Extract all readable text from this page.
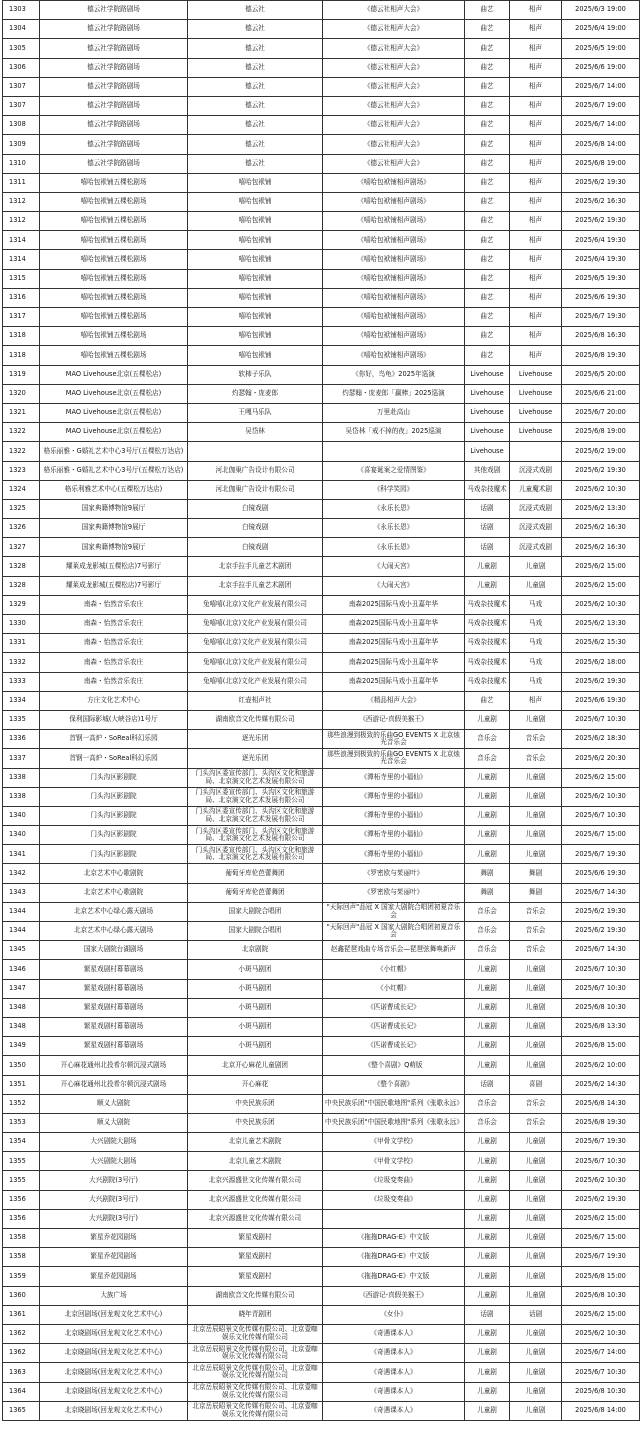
1303	德云社学院路剧场	德云社	《德云社相声大会》	曲艺	相声	2025/6/3 19:00
1304	德云社学院路剧场	德云社	《德云社相声大会》	曲艺	相声	2025/6/4 19:00
1305	德云社学院路剧场	德云社	《德云社相声大会》	曲艺	相声	2025/6/5 19:00
1306	德云社学院路剧场	德云社	《德云社相声大会》	曲艺	相声	2025/6/6 19:00
1307	德云社学院路剧场	德云社	《德云社相声大会》	曲艺	相声	2025/6/7 14:00
1307	德云社学院路剧场	德云社	《德云社相声大会》	曲艺	相声	2025/6/7 19:00
1308	德云社学院路剧场	德云社	《德云社相声大会》	曲艺	相声	2025/6/7 14:00
1309	德云社学院路剧场	德云社	《德云社相声大会》	曲艺	相声	2025/6/8 14:00
1310	德云社学院路剧场	德云社	《德云社相声大会》	曲艺	相声	2025/6/8 19:00
1311	嘻哈包袱铺五棵松剧场	嘻哈包袱铺	《嘻哈包袱铺相声剧场》	曲艺	相声	2025/6/2 19:30
1312	嘻哈包袱铺五棵松剧场	嘻哈包袱铺	《嘻哈包袱铺相声剧场》	曲艺	相声	2025/6/2 16:30
1312	嘻哈包袱铺五棵松剧场	嘻哈包袱铺	《嘻哈包袱铺相声剧场》	曲艺	相声	2025/6/2 19:30
1314	嘻哈包袱铺五棵松剧场	嘻哈包袱铺	《嘻哈包袱铺相声剧场》	曲艺	相声	2025/6/4 19:30
1314	嘻哈包袱铺五棵松剧场	嘻哈包袱铺	《嘻哈包袱铺相声剧场》	曲艺	相声	2025/6/4 19:30
1315	嘻哈包袱铺五棵松剧场	嘻哈包袱铺	《嘻哈包袱铺相声剧场》	曲艺	相声	2025/6/5 19:30
1316	嘻哈包袱铺五棵松剧场	嘻哈包袱铺	《嘻哈包袱铺相声剧场》	曲艺	相声	2025/6/6 19:30
1317	嘻哈包袱铺五棵松剧场	嘻哈包袱铺	《嘻哈包袱铺相声剧场》	曲艺	相声	2025/6/7 19:30
1318	嘻哈包袱铺五棵松剧场	嘻哈包袱铺	《嘻哈包袱铺相声剧场》	曲艺	相声	2025/6/8 16:30
1318	嘻哈包袱铺五棵松剧场	嘻哈包袱铺	《嘻哈包袱铺相声剧场》	曲艺	相声	2025/6/8 19:30
1319	MAO Livehouse北京(五棵松店)	软柿子乐队	《你好，鸟龟》2025年巡演	Livehouse	Livehouse	2025/6/5 20:00
1320	MAO Livehouse北京(五棵松店)	灼瑟翰・庞麦郎	灼瑟翰・庞麦郎「赢棒」2025巡演	Livehouse	Livehouse	2025/6/6 21:00
1321	MAO Livehouse北京(五棵松店)	王嘎马乐队	万里赴高山	Livehouse	Livehouse	2025/6/7 20:00
1322	MAO Livehouse北京(五棵松店)	吴岱林	吴岱林「戒不掉的夜」2025巡演	Livehouse	Livehouse	2025/6/8 19:00
1322	格乐丽雅・G婚礼艺术中心3号厅(五棵松万达店)			Livehouse		2025/6/2 19:00
1323	格乐丽雅・G婚礼艺术中心3号厅(五棵松万达店)	河北伽巢广告设计有限公司	《喜宴诞案之爱情图鉴》	其他戏剧	沉浸式戏剧	2025/6/2 19:30
1324	格乐利雅艺术中心(五棵松万达店)	河北伽巢广告设计有限公司	《科学笑园》	马戏杂技魔术	儿童魔术剧	2025/6/2 10:30
1325	国家典籍博物馆9展厅	白镜戏剧	《永乐长恩》	话剧	沉浸式戏剧	2025/6/2 13:30
1326	国家典籍博物馆9展厅	白镜戏剧	《永乐长恩》	话剧	沉浸式戏剧	2025/6/2 16:30
1327	国家典籍博物馆9展厅	白镜戏剧	《永乐长恩》	话剧	沉浸式戏剧	2025/6/2 16:30
1328	耀莱成龙影城(五棵松店)7号影厅	北京手拉手儿童艺术剧团	《大闹天宫》	儿童剧	儿童剧	2025/6/2 15:00
1328	耀莱成龙影城(五棵松店)7号影厅	北京手拉手儿童艺术剧团	《大闹天宫》	儿童剧	儿童剧	2025/6/2 15:00
1329	南森・怡然音乐农庄	兔嘻嘻(北京)文化产业发展有限公司	南森2025国际马戏小丑嘉年华	马戏杂技魔术	马戏	2025/6/2 10:30
1330	南森・怡然音乐农庄	兔嘻嘻(北京)文化产业发展有限公司	南森2025国际马戏小丑嘉年华	马戏杂技魔术	马戏	2025/6/2 13:30
1331	南森・怡然音乐农庄	兔嘻嘻(北京)文化产业发展有限公司	南森2025国际马戏小丑嘉年华	马戏杂技魔术	马戏	2025/6/2 15:30
1332	南森・怡然音乐农庄	兔嘻嘻(北京)文化产业发展有限公司	南森2025国际马戏小丑嘉年华	马戏杂技魔术	马戏	2025/6/2 18:00
1333	南森・怡然音乐农庄	兔嘻嘻(北京)文化产业发展有限公司	南森2025国际马戏小丑嘉年华	马戏杂技魔术	马戏	2025/6/2 19:30
1334	方庄文化艺术中心	红壶相声社	《精品相声大会》	曲艺	相声	2025/6/6 19:30
1335	保利国际影城(大峡谷店)1号厅	湖南欧音文化传媒有限公司	《西游记-真假美猴王》	儿童剧	儿童剧	2025/6/7 10:30
1336	首钢一高炉・SoReal科幻乐园	逐光乐团	那些浪漫到极致的乐曲GO EVENTS X 北京烛光音乐会	音乐会	音乐会	2025/6/2 18:30
1337	首钢一高炉・SoReal科幻乐园	逐光乐团	那些浪漫到极致的乐曲GO EVENTS X 北京烛光音乐会	音乐会	音乐会	2025/6/2 20:30
1338	门头沟区影剧院	门头沟区委宣传部门、头沟区文化和旅游局、北京演文化艺术发展有限公司	《潭柘寺里的小福仙》	儿童剧	儿童剧	2025/6/2 15:00
1338	门头沟区影剧院	门头沟区委宣传部门、头沟区文化和旅游局、北京演文化艺术发展有限公司	《潭柘寺里的小福仙》	儿童剧	儿童剧	2025/6/2 10:30
1340	门头沟区影剧院	门头沟区委宣传部门、头沟区文化和旅游局、北京演文化艺术发展有限公司	《潭柘寺里的小福仙》	儿童剧	儿童剧	2025/6/7 10:30
1340	门头沟区影剧院	门头沟区委宣传部门、头沟区文化和旅游局、北京演文化艺术发展有限公司	《潭柘寺里的小福仙》	儿童剧	儿童剧	2025/6/7 15:00
1341	门头沟区影剧院	门头沟区委宣传部门、头沟区文化和旅游局、北京演文化艺术发展有限公司	《潭柘寺里的小福仙》	儿童剧	儿童剧	2025/6/7 19:30
1342	北京艺术中心歌剧院	葡萄牙库伦芭蕾舞团	《罗密欧与茱丽叶》	舞剧	舞剧	2025/6/6 19:30
1343	北京艺术中心歌剧院	葡萄牙库伦芭蕾舞团	《罗密欧与茱丽叶》	舞剧	舞剧	2025/6/7 14:30
1344	北京艺术中心绿心露天剧场	国家大剧院合唱团	"天际回声"品冠 X 国家大剧院合唱团初夏音乐会	音乐会	音乐会	2025/6/2 19:30
1344	北京艺术中心绿心露天剧场	国家大剧院合唱团	"天际回声"品冠 X 国家大剧院合唱团初夏音乐会	音乐会	音乐会	2025/6/2 19:30
1345	国家大剧院台湖剧场	北京剧院	赵鑫琵琶戏曲专场音乐会—琵琶弦舞唤新声	音乐会	音乐会	2025/6/7 14:30
1346	繁星戏剧村幕幕剧场	小斑马剧团	《小红帽》	儿童剧	儿童剧	2025/6/7 10:30
1347	繁星戏剧村幕幕剧场	小斑马剧团	《小红帽》	儿童剧	儿童剧	2025/6/7 10:30
1348	繁星戏剧村幕幕剧场	小斑马剧团	《匹诺曹成长记》	儿童剧	儿童剧	2025/6/8 10:30
1348	繁星戏剧村幕幕剧场	小斑马剧团	《匹诺曹成长记》	儿童剧	儿童剧	2025/6/8 13:30
1349	繁星戏剧村幕幕剧场	小斑马剧团	《匹诺曹成长记》	儿童剧	儿童剧	2025/6/8 15:00
1350	开心麻花通州北投希尔顿沉浸式剧场	北京开心麻花儿童剧团	《整个喜剧》Q萌版	儿童剧	儿童剧	2025/6/2 10:00
1351	开心麻花通州北投希尔顿沉浸式剧场	开心麻花	《整个喜剧》	话剧	喜剧	2025/6/2 14:30
1352	顺义大剧院	中央民族乐团	中央民族乐团"中国民歌地图"系列《张歌永远》	音乐会	音乐会	2025/6/8 14:30
1353	顺义大剧院	中央民族乐团	中央民族乐团"中国民歌地图"系列《张歌永远》	音乐会	音乐会	2025/6/8 19:30
1354	大兴剧院大剧场	北京儿童艺术剧院	《甲骨文学校》	儿童剧	儿童剧	2025/6/7 19:30
1355	大兴剧院大剧场	北京儿童艺术剧院	《甲骨文学校》	儿童剧	儿童剧	2025/6/7 10:30
1355	大兴剧院(3号厅)	北京兴源盛世文化传媒有限公司	《垃圾变奏曲》	儿童剧	儿童剧	2025/6/2 10:30
1356	大兴剧院(3号厅)	北京兴源盛世文化传媒有限公司	《垃圾变奏曲》	儿童剧	儿童剧	2025/6/2 19:30
1356	大兴剧院(3号厅)	北京兴源盛世文化传媒有限公司		儿童剧	儿童剧	2025/6/2 15:00
1358	繁星乔花园剧场	繁星戏剧村	《拖拖DRAG-E》中文版	儿童剧	儿童剧	2025/6/7 15:00
1358	繁星乔花园剧场	繁星戏剧村	《拖拖DRAG-E》中文版	儿童剧	儿童剧	2025/6/7 19:30
1359	繁星乔花园剧场	繁星戏剧村	《拖拖DRAG-E》中文版	儿童剧	儿童剧	2025/6/8 15:00
1360	大族广场	湖南欧音文化传媒有限公司	《西游记-真假美猴王》	儿童剧	儿童剧	2025/6/8 10:30
1361	北京回剧场(回龙观文化艺术中心)	晓年青剧团	《女仆》	话剧	话剧	2025/6/2 15:00
1362	北京晓剧场(回龙观文化艺术中心)	北京岳辰昭景文化传媒有限公司、北京壹咖娱乐文化传媒有限公司	《奇遇课本人》	儿童剧	儿童剧	2025/6/2 10:30
1362	北京晓剧场(回龙观文化艺术中心)	北京岳辰昭景文化传媒有限公司、北京壹咖娱乐文化传媒有限公司	《奇遇课本人》	儿童剧	儿童剧	2025/6/7 14:00
1363	北京晓剧场(回龙观文化艺术中心)	北京岳辰昭景文化传媒有限公司、北京壹咖娱乐文化传媒有限公司	《奇遇课本人》	儿童剧	儿童剧	2025/6/7 10:30
1364	北京晓剧场(回龙观文化艺术中心)	北京岳辰昭景文化传媒有限公司、北京壹咖娱乐文化传媒有限公司	《奇遇课本人》	儿童剧	儿童剧	2025/6/8 10:30
1365	北京晓剧场(回龙观文化艺术中心)	北京岳辰昭景文化传媒有限公司、北京壹咖娱乐文化传媒有限公司	《奇遇课本人》	儿童剧	儿童剧	2025/6/8 14:00
